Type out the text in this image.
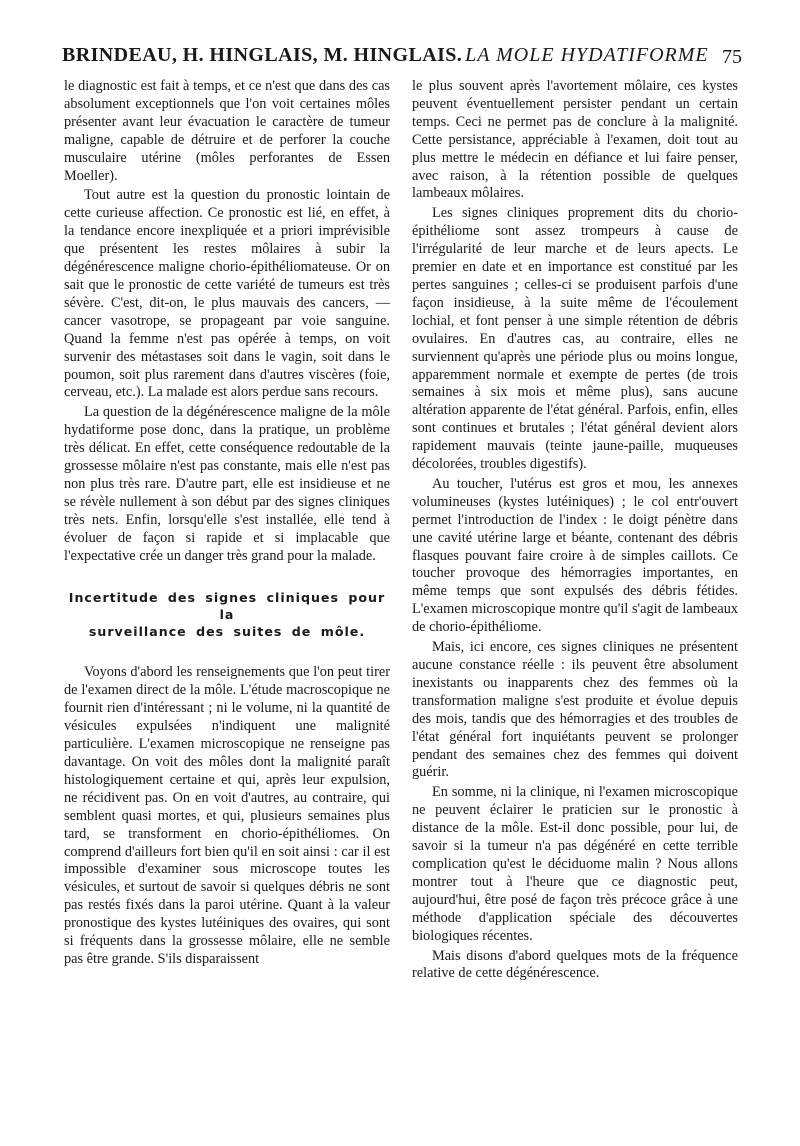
BRINDEAU, H. HINGLAIS, M. HINGLAIS. LA MOLE HYDATIFORME 75

le diagnostic est fait à temps, et ce n'est que dans des cas absolument exceptionnels que l'on voit certaines môles présenter avant leur évacuation le caractère de tumeur maligne, capable de détruire et de perforer la couche musculaire utérine (môles perforantes de Essen Moeller).

Tout autre est la question du pronostic lointain de cette curieuse affection. Ce pronostic est lié, en effet, à la tendance encore inexpliquée et a priori imprévisible que présentent les restes môlaires à subir la dégénérescence maligne chorio-épithéliomateuse. Or on sait que le pronostic de cette variété de tumeurs est très sévère. C'est, dit-on, le plus mauvais des cancers, — cancer vasotrope, se propageant par voie sanguine. Quand la femme n'est pas opérée à temps, on voit survenir des métastases soit dans le vagin, soit dans le poumon, soit plus rarement dans d'autres viscères (foie, cerveau, etc.). La malade est alors perdue sans recours.

La question de la dégénérescence maligne de la môle hydatiforme pose donc, dans la pratique, un problème très délicat. En effet, cette conséquence redoutable de la grossesse môlaire n'est pas constante, mais elle n'est pas non plus très rare. D'autre part, elle est insidieuse et ne se révèle nullement à son début par des signes cliniques très nets. Enfin, lorsqu'elle s'est installée, elle tend à évoluer de façon si rapide et si implacable que l'expectative crée un danger très grand pour la malade.

Incertitude des signes cliniques pour la
surveillance des suites de môle.

Voyons d'abord les renseignements que l'on peut tirer de l'examen direct de la môle. L'étude macroscopique ne fournit rien d'intéressant ; ni le volume, ni la quantité de vésicules expulsées n'indiquent une malignité particulière. L'examen microscopique ne renseigne pas davantage. On voit des môles dont la malignité paraît histologiquement certaine et qui, après leur expulsion, ne récidivent pas. On en voit d'autres, au contraire, qui semblent quasi mortes, et qui, plusieurs semaines plus tard, se transforment en chorio-épithéliomes. On comprend d'ailleurs fort bien qu'il en soit ainsi : car il est impossible d'examiner sous microscope toutes les vésicules, et surtout de savoir si quelques débris ne sont pas restés fixés dans la paroi utérine. Quant à la valeur pronostique des kystes lutéiniques des ovaires, qui sont si fréquents dans la grossesse môlaire, elle ne semble pas être grande. S'ils disparaissent

le plus souvent après l'avortement môlaire, ces kystes peuvent éventuellement persister pendant un certain temps. Ceci ne permet pas de conclure à la malignité. Cette persistance, appréciable à l'examen, doit tout au plus mettre le médecin en défiance et lui faire penser, avec raison, à la rétention possible de quelques lambeaux môlaires.

Les signes cliniques proprement dits du chorio-épithéliome sont assez trompeurs à cause de l'irrégularité de leur marche et de leurs apects. Le premier en date et en importance est constitué par les pertes sanguines ; celles-ci se produisent parfois d'une façon insidieuse, à la suite même de l'écoulement lochial, et font penser à une simple rétention de débris ovulaires. En d'autres cas, au contraire, elles ne surviennent qu'après une période plus ou moins longue, apparemment normale et exempte de pertes (de trois semaines à six mois et même plus), sans aucune altération apparente de l'état général. Parfois, enfin, elles sont continues et brutales ; l'état général devient alors rapidement mauvais (teinte jaune-paille, muqueuses décolorées, troubles digestifs).

Au toucher, l'utérus est gros et mou, les annexes volumineuses (kystes lutéiniques) ; le col entr'ouvert permet l'introduction de l'index : le doigt pénètre dans une cavité utérine large et béante, contenant des débris flasques pouvant faire croire à de simples caillots. Ce toucher provoque des hémorragies importantes, en même temps que sont expulsés des débris fétides. L'examen microscopique montre qu'il s'agit de lambeaux de chorio-épithéliome.

Mais, ici encore, ces signes cliniques ne présentent aucune constance réelle : ils peuvent être absolument inexistants ou inapparents chez des femmes où la transformation maligne s'est produite et évolue depuis des mois, tandis que des hémorragies et des troubles de l'état général fort inquiétants peuvent se prolonger pendant des semaines chez des femmes qui doivent guérir.

En somme, ni la clinique, ni l'examen microscopique ne peuvent éclairer le praticien sur le pronostic à distance de la môle. Est-il donc possible, pour lui, de savoir si la tumeur n'a pas dégénéré en cette terrible complication qu'est le déciduome malin ? Nous allons montrer tout à l'heure que ce diagnostic peut, aujourd'hui, être posé de façon très précoce grâce à une méthode d'application spéciale des découvertes biologiques récentes.

Mais disons d'abord quelques mots de la fréquence relative de cette dégénérescence.
